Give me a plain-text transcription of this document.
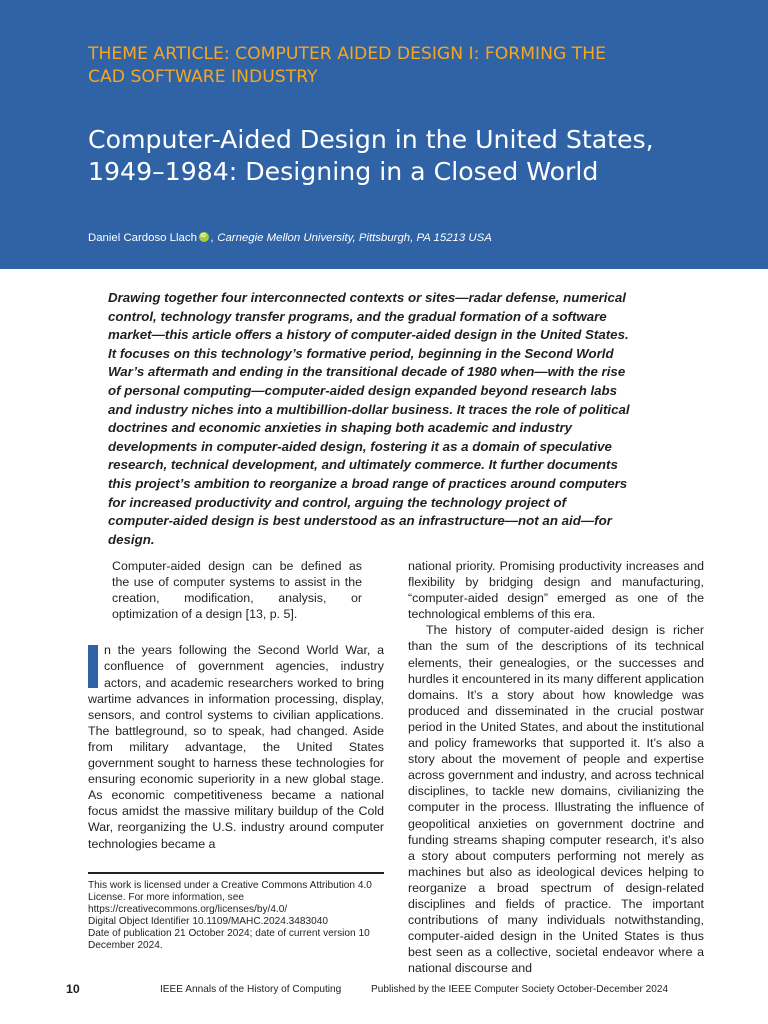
THEME ARTICLE: COMPUTER AIDED DESIGN I: FORMING THE
CAD SOFTWARE INDUSTRY
Computer-Aided Design in the United States, 1949–1984: Designing in a Closed World
Daniel Cardoso LlachiD , Carnegie Mellon University, Pittsburgh, PA 15213 USA

Drawing together four interconnected contexts or sites—radar defense, numerical control, technology transfer programs, and the gradual formation of a software market—this article offers a history of computer-aided design in the United States. It focuses on this technology’s formative period, beginning in the Second World War’s aftermath and ending in the transitional decade of 1980 when—with the rise of personal computing—computer-aided design expanded beyond research labs and industry niches into a multibillion-dollar business. It traces the role of political doctrines and economic anxieties in shaping both academic and industry developments in computer-aided design, fostering it as a domain of speculative research, technical development, and ultimately commerce. It further documents this project’s ambition to reorganize a broad range of practices around computers for increased productivity and control, arguing the technology project of computer-aided design is best understood as an infrastructure—not an aid—for design.

Computer-aided design can be defined as the use of computer systems to assist in the creation, modification, analysis, or optimization of a design [13, p. 5].

I	n the years following the Second World War, a confluence of government agencies, industry actors, and academic researchers worked to bring wartime advances in information processing, display, sensors, and control systems to civilian applications. The battleground, so to speak, had changed. Aside from military advantage, the United States government sought to harness these technologies for ensuring economic superiority in a new global stage. As economic competitiveness became a national focus amidst the massive military buildup of the Cold War, reorganizing the U.S. industry around computer technologies became a

This work is licensed under a Creative Commons Attribution 4.0 License. For more information, see https://creativecommons.org/licenses/by/4.0/

Digital Object Identifier 10.1109/MAHC.2024.3483040

Date of publication 21 October 2024; date of current version 10 December 2024.

national priority. Promising productivity increases and flexibility by bridging design and manufacturing, “computer-aided design” emerged as one of the technological emblems of this era.

The history of computer-aided design is richer than the sum of the descriptions of its technical elements, their genealogies, or the successes and hurdles it encountered in its many different application domains. It’s a story about how knowledge was produced and disseminated in the crucial postwar period in the United States, and about the institutional and policy frameworks that supported it. It’s also a story about the movement of people and expertise across government and industry, and across technical disciplines, to tackle new domains, civilianizing the computer in the process. Illustrating the influence of geopolitical anxieties on government doctrine and funding streams shaping computer research, it’s also a story about computers performing not merely as machines but also as ideological devices helping to reorganize a broad spectrum of design-related disciplines and fields of practice. The important contributions of many individuals notwithstanding, computer-aided design in the United States is thus best seen as a collective, societal endeavor where a national discourse and

10	IEEE Annals of the History of Computing	Published by the IEEE Computer Society October-December 2024
